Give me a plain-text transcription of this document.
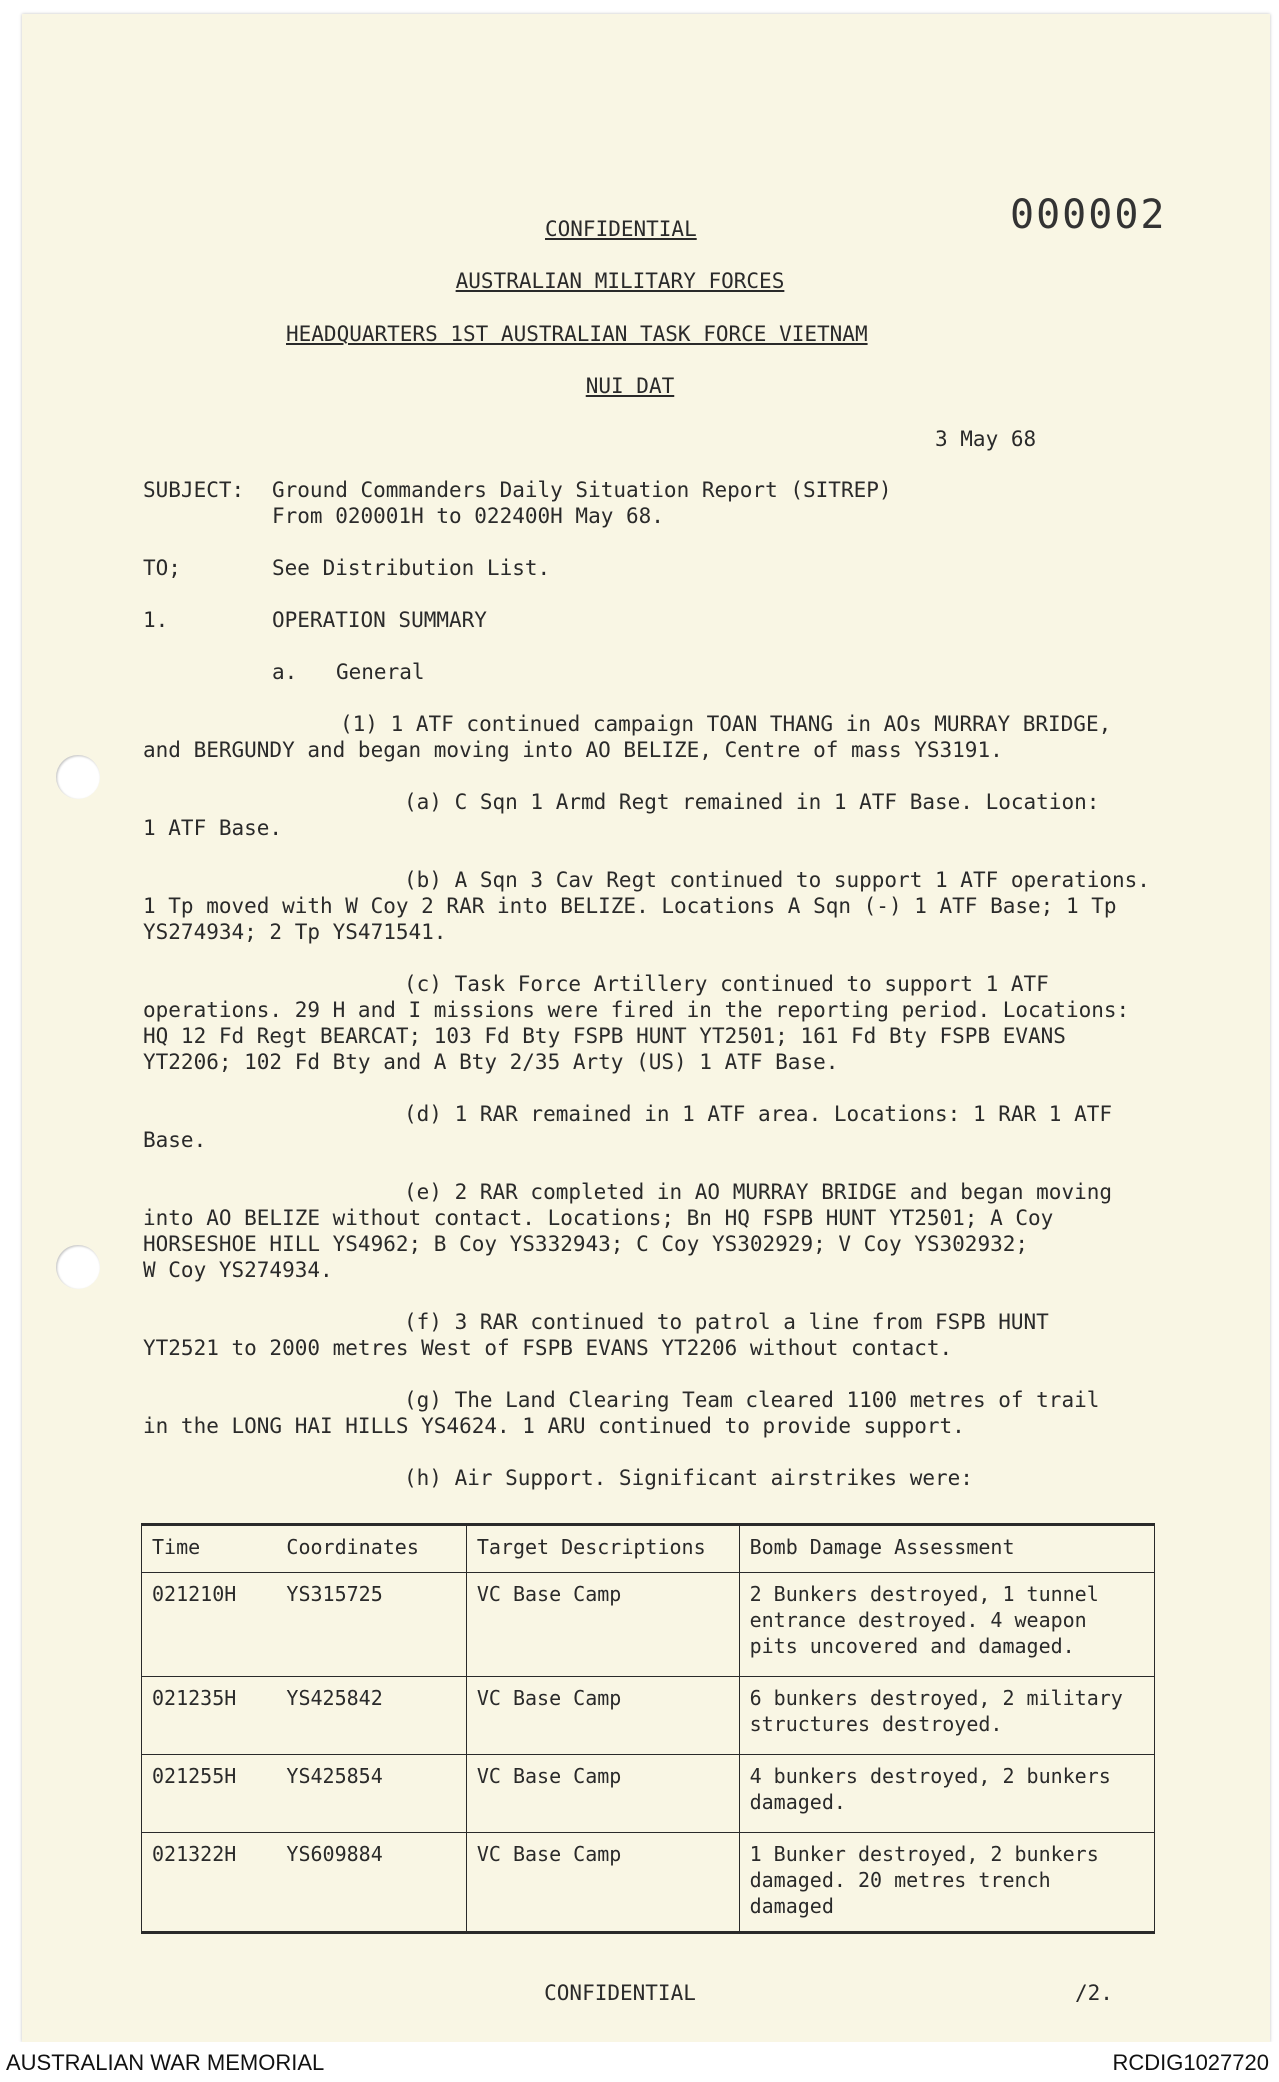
000002
CONFIDENTIAL
AUSTRALIAN MILITARY FORCES
HEADQUARTERS 1ST AUSTRALIAN TASK FORCE VIETNAM
NUI DAT
3 May 68
SUBJECT: Ground Commanders Daily Situation Report (SITREP)
From 020001H to 022400H May 68.
TO;	See Distribution List.
1.	OPERATION SUMMARY
a. General
(1) 1 ATF continued campaign TOAN THANG in AOs MURRAY BRIDGE,
and BERGUNDY and began moving into AO BELIZE, Centre of mass YS3191.
(a) C Sqn 1 Armd Regt remained in 1 ATF Base. Location:
1 ATF Base.
(b) A Sqn 3 Cav Regt continued to support 1 ATF operations.
1 Tp moved with W Coy 2 RAR into BELIZE. Locations A Sqn (-) 1 ATF Base; 1 Tp
YS274934; 2 Tp YS471541.
(c) Task Force Artillery continued to support 1 ATF
operations. 29 H and I missions were fired in the reporting period. Locations:
HQ 12 Fd Regt BEARCAT; 103 Fd Bty FSPB HUNT YT2501; 161 Fd Bty FSPB EVANS
YT2206; 102 Fd Bty and A Bty 2/35 Arty (US) 1 ATF Base.
(d) 1 RAR remained in 1 ATF area. Locations: 1 RAR 1 ATF
Base.
(e) 2 RAR completed in AO MURRAY BRIDGE and began moving
into AO BELIZE without contact. Locations; Bn HQ FSPB HUNT YT2501; A Coy
HORSESHOE HILL YS4962; B Coy YS332943; C Coy YS302929; V Coy YS302932;
W Coy YS274934.
(f) 3 RAR continued to patrol a line from FSPB HUNT
YT2521 to 2000 metres West of FSPB EVANS YT2206 without contact.
(g) The Land Clearing Team cleared 1100 metres of trail
in the LONG HAI HILLS YS4624. 1 ARU continued to provide support.
(h) Air Support. Significant airstrikes were:
Time	Coordinates	Target Descriptions	Bomb Damage Assessment
021210H	YS315725	VC Base Camp	2 Bunkers destroyed, 1 tunnel entrance destroyed. 4 weapon pits uncovered and damaged.
021235H	YS425842	VC Base Camp	6 bunkers destroyed, 2 military structures destroyed.
021255H	YS425854	VC Base Camp	4 bunkers destroyed, 2 bunkers damaged.
021322H	YS609884	VC Base Camp	1 Bunker destroyed, 2 bunkers damaged. 20 metres trench damaged
CONFIDENTIAL	/2.
AUSTRALIAN WAR MEMORIAL	RCDIG1027720
